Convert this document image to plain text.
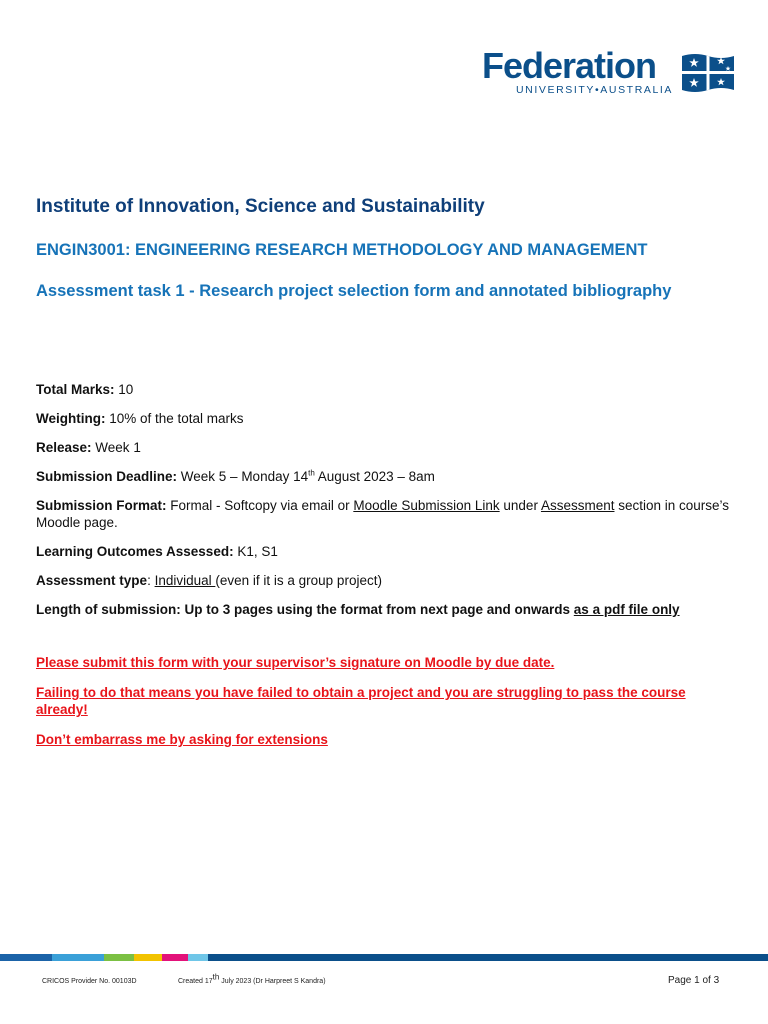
Federation
UNIVERSITY•AUSTRALIA
Institute of Innovation, Science and Sustainability
ENGIN3001: ENGINEERING RESEARCH METHODOLOGY AND MANAGEMENT
Assessment task 1 - Research project selection form and annotated bibliography

Total Marks: 10

Weighting: 10% of the total marks

Release: Week 1

Submission Deadline: Week 5 – Monday 14th August 2023 – 8am

Submission Format: Formal - Softcopy via email or Moodle Submission Link under Assessment section in course’s Moodle page.

Learning Outcomes Assessed: K1, S1

Assessment type: Individual (even if it is a group project)

Length of submission: Up to 3 pages using the format from next page and onwards as a pdf file only

Please submit this form with your supervisor’s signature on Moodle by due date.

Failing to do that means you have failed to obtain a project and you are struggling to pass the course already!

Don’t embarrass me by asking for extensions

CRICOS Provider No. 00103D	Created 17th July 2023 (Dr Harpreet S Kandra)	Page 1 of 3
